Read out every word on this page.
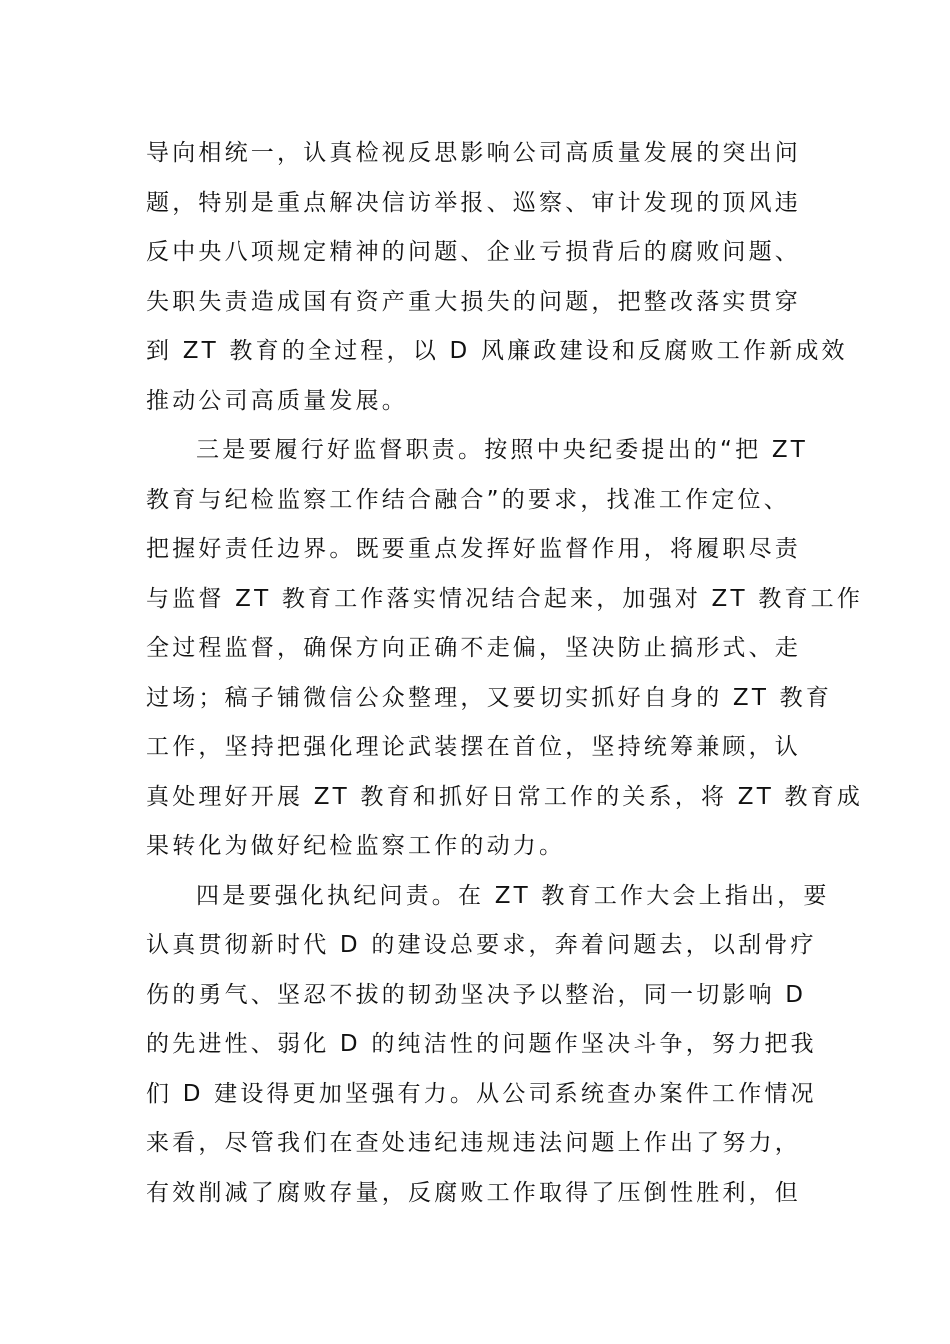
导向相统一，认真检视反思影响公司高质量发展的突出问
题，特别是重点解决信访举报、巡察、审计发现的顶风违
反中央八项规定精神的问题、企业亏损背后的腐败问题、
失职失责造成国有资产重大损失的问题，把整改落实贯穿
到 ZT 教育的全过程，以 D 风廉政建设和反腐败工作新成效
推动公司高质量发展。
三是要履行好监督职责。按照中央纪委提出的“把 ZT
教育与纪检监察工作结合融合”的要求，找准工作定位、
把握好责任边界。既要重点发挥好监督作用，将履职尽责
与监督 ZT 教育工作落实情况结合起来，加强对 ZT 教育工作
全过程监督，确保方向正确不走偏，坚决防止搞形式、走
过场；稿子铺微信公众整理，又要切实抓好自身的 ZT 教育
工作，坚持把强化理论武装摆在首位，坚持统筹兼顾，认
真处理好开展 ZT 教育和抓好日常工作的关系，将 ZT 教育成
果转化为做好纪检监察工作的动力。
四是要强化执纪问责。在 ZT 教育工作大会上指出，要
认真贯彻新时代 D 的建设总要求，奔着问题去，以刮骨疗
伤的勇气、坚忍不拔的韧劲坚决予以整治，同一切影响 D
的先进性、弱化 D 的纯洁性的问题作坚决斗争，努力把我
们 D 建设得更加坚强有力。从公司系统查办案件工作情况
来看，尽管我们在查处违纪违规违法问题上作出了努力，
有效削减了腐败存量，反腐败工作取得了压倒性胜利，但
